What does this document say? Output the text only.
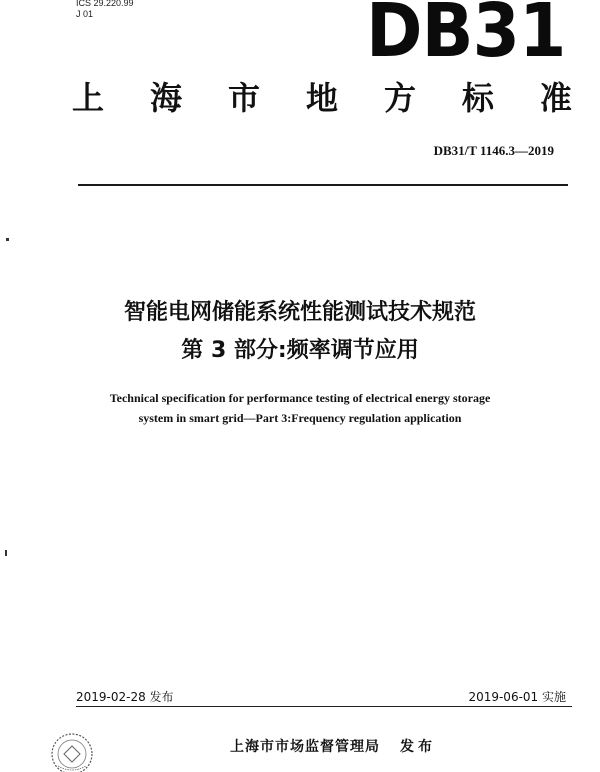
ICS 29.220.99
J 01	DB31
上 海 市 地 方 标 准
DB31/T 1146.3—2019
智能电网储能系统性能测试技术规范
第 3 部分:频率调节应用
Technical specification for performance testing of electrical energy storage
system in smart grid—Part 3:Frequency regulation application
2019-02-28 发布	2019-06-01 实施
上海市市场监督管理局 发布
